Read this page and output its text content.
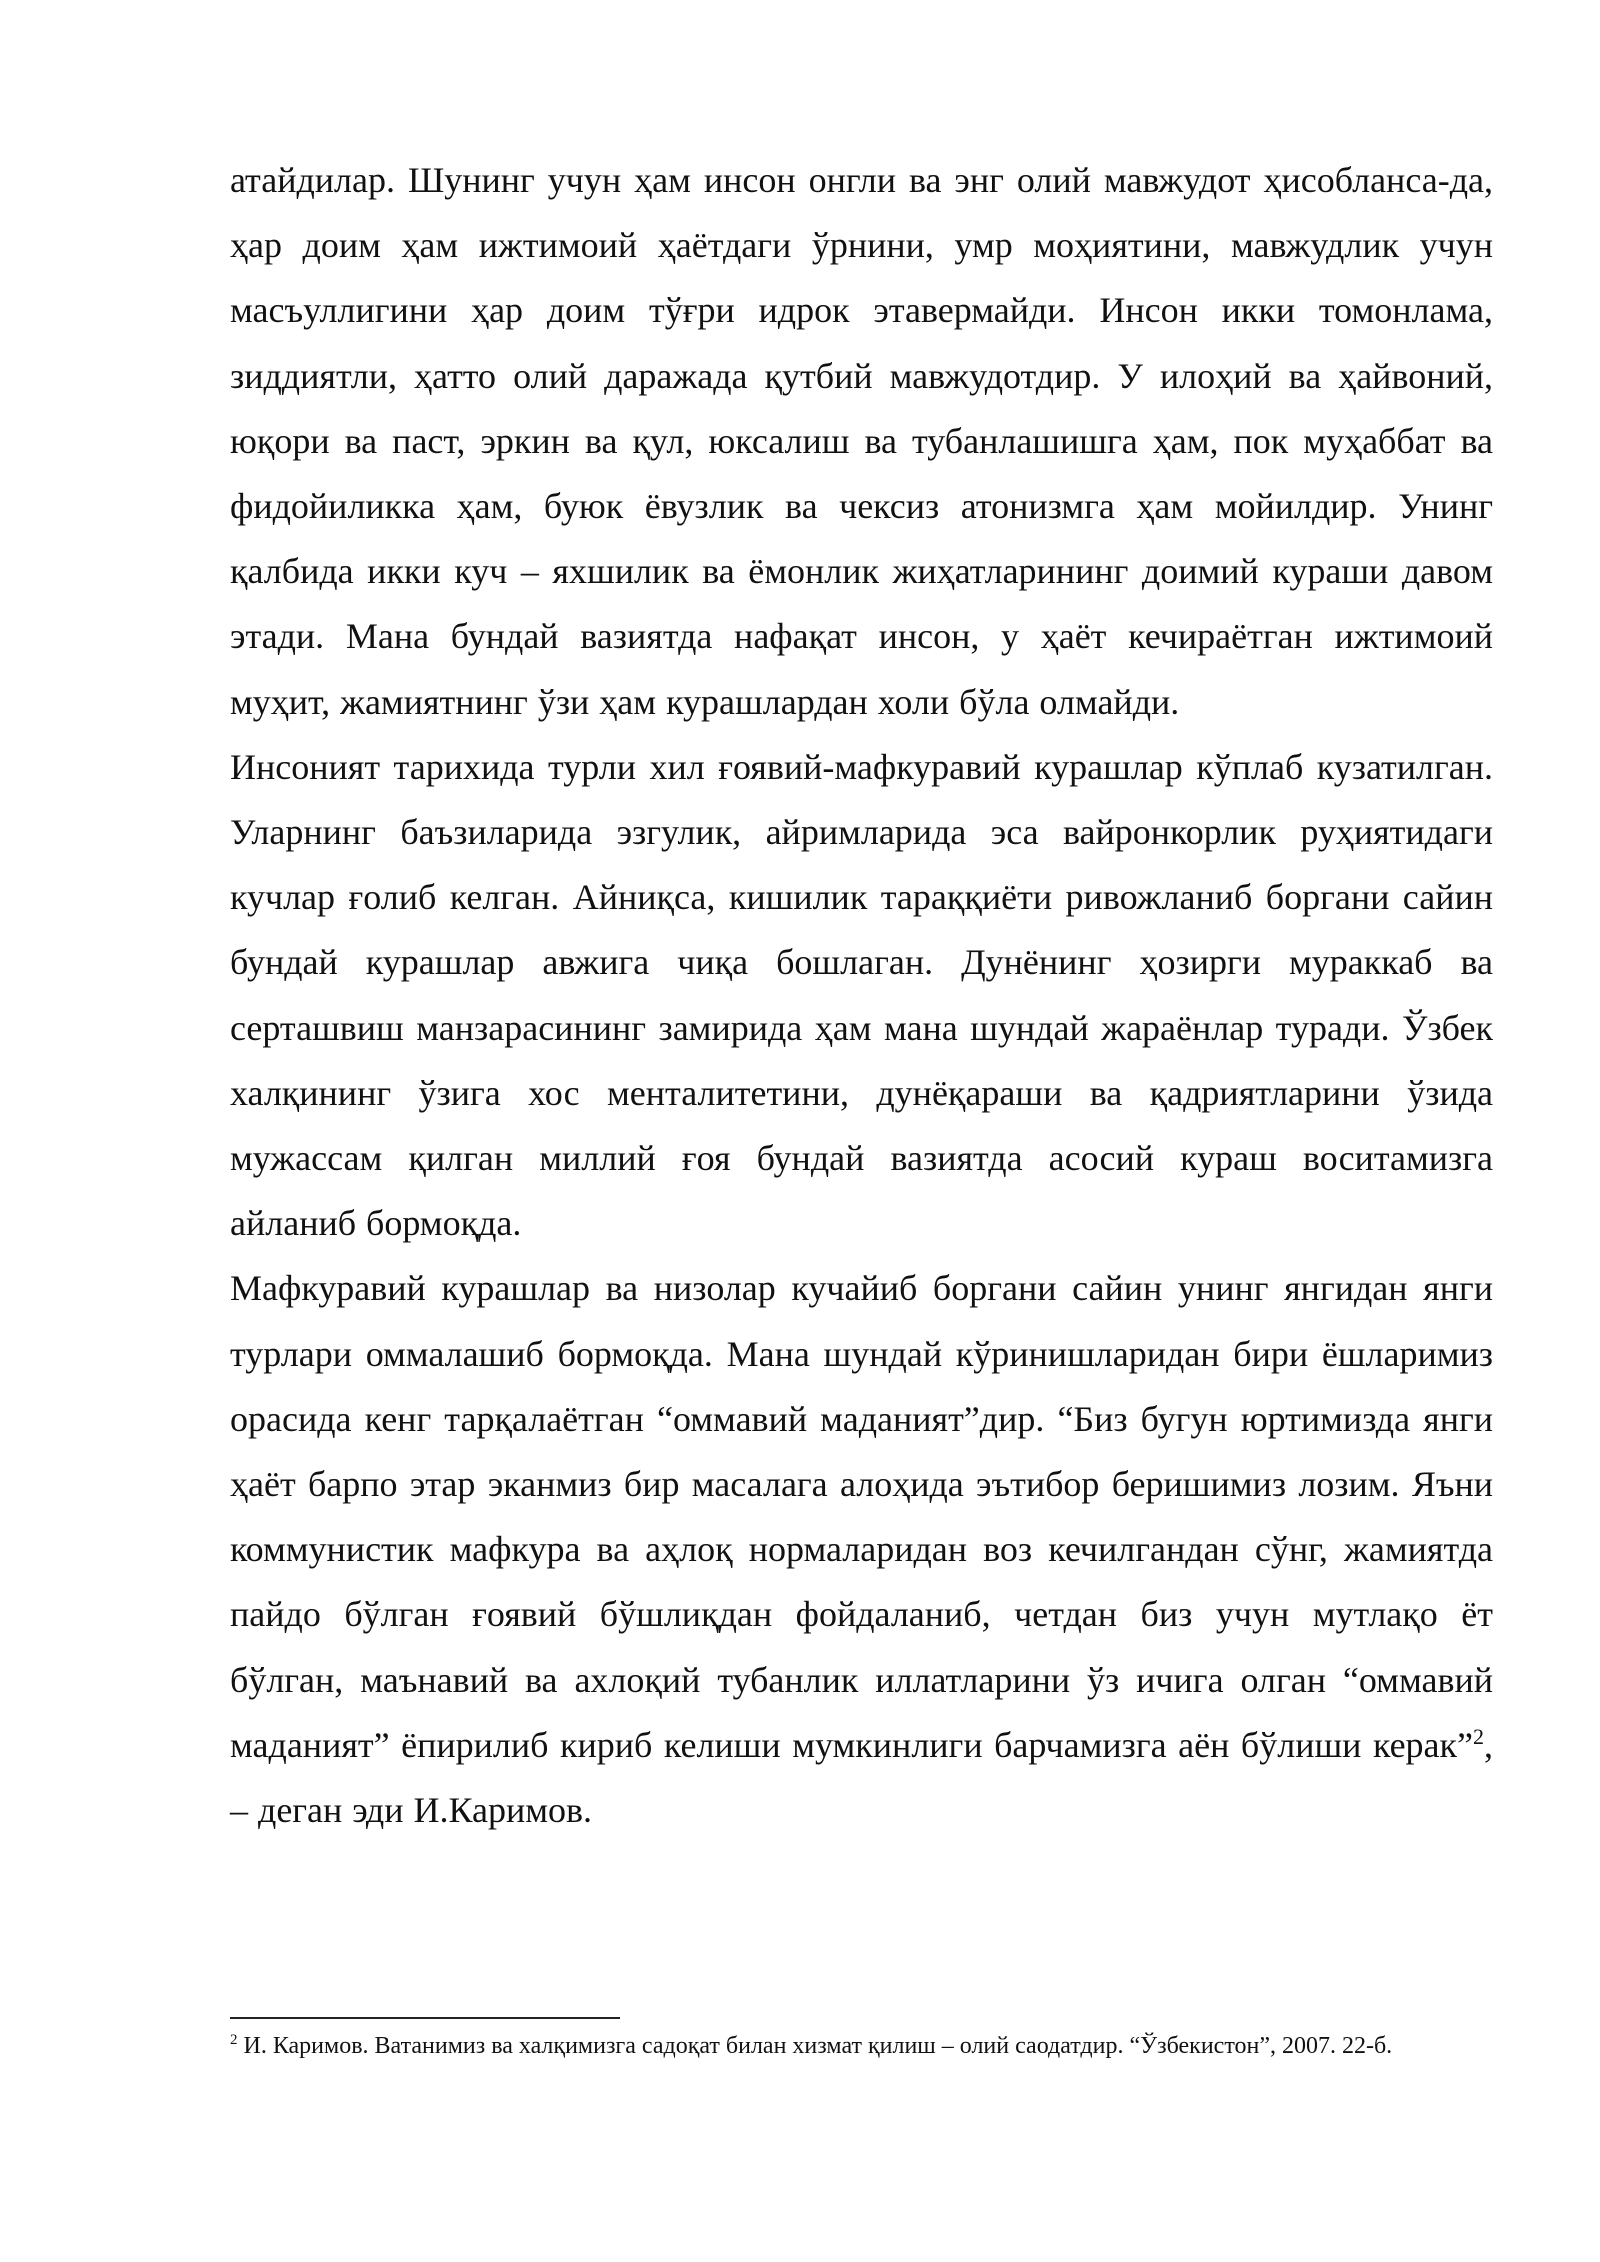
атайдилар. Шунинг учун ҳам инсон онгли ва энг олий мавжудот ҳисобланса-да, ҳар доим ҳам ижтимоий ҳаётдаги ўрнини, умр моҳиятини, мавжудлик учун масъуллигини ҳар доим тўғри идрок этавермайди. Инсон икки томонлама, зиддиятли, ҳатто олий даражада қутбий мавжудотдир. У илоҳий ва ҳайвоний, юқори ва паст, эркин ва қул, юксалиш ва тубанлашишга ҳам, пок муҳаббат ва фидойиликка ҳам, буюк ёвузлик ва чексиз атонизмга ҳам мойилдир. Унинг қалбида икки куч – яхшилик ва ёмонлик жиҳатларининг доимий кураши давом этади. Мана бундай вазиятда нафақат инсон, у ҳаёт кечираётган ижтимоий муҳит, жамиятнинг ўзи ҳам курашлардан холи бўла олмайди.

Инсоният тарихида турли хил ғоявий-мафкуравий курашлар кўплаб кузатилган. Уларнинг баъзиларида эзгулик, айримларида эса вайронкорлик руҳиятидаги кучлар ғолиб келган. Айниқса, кишилик тараққиёти ривожланиб боргани сайин бундай курашлар авжига чиқа бошлаган. Дунёнинг ҳозирги мураккаб ва серташвиш манзарасининг замирида ҳам мана шундай жараёнлар туради. Ўзбек халқининг ўзига хос менталитетини, дунёқараши ва қадриятларини ўзида мужассам қилган миллий ғоя бундай вазиятда асосий кураш воситамизга айланиб бормоқда.

Мафкуравий курашлар ва низолар кучайиб боргани сайин унинг янгидан янги турлари оммалашиб бормоқда. Мана шундай кўринишларидан бири ёшларимиз орасида кенг тарқалаётган “оммавий маданият”дир. “Биз бугун юртимизда янги ҳаёт барпо этар эканмиз бир масалага алоҳида эътибор беришимиз лозим. Яъни коммунистик мафкура ва аҳлоқ нормаларидан воз кечилгандан сўнг, жамиятда пайдо бўлган ғоявий бўшлиқдан фойдаланиб, четдан биз учун мутлақо ёт бўлган, маънавий ва ахлоқий тубанлик иллатларини ўз ичига олган “оммавий маданият” ёпирилиб кириб келиши мумкинлиги барчамизга аён бўлиши керак”$^2$, – деган эди И.Каримов.

$^2$ И. Каримов. Ватанимиз ва халқимизга садоқат билан хизмат қилиш – олий саодатдир. “Ўзбекистон”, 2007. 22-б.
